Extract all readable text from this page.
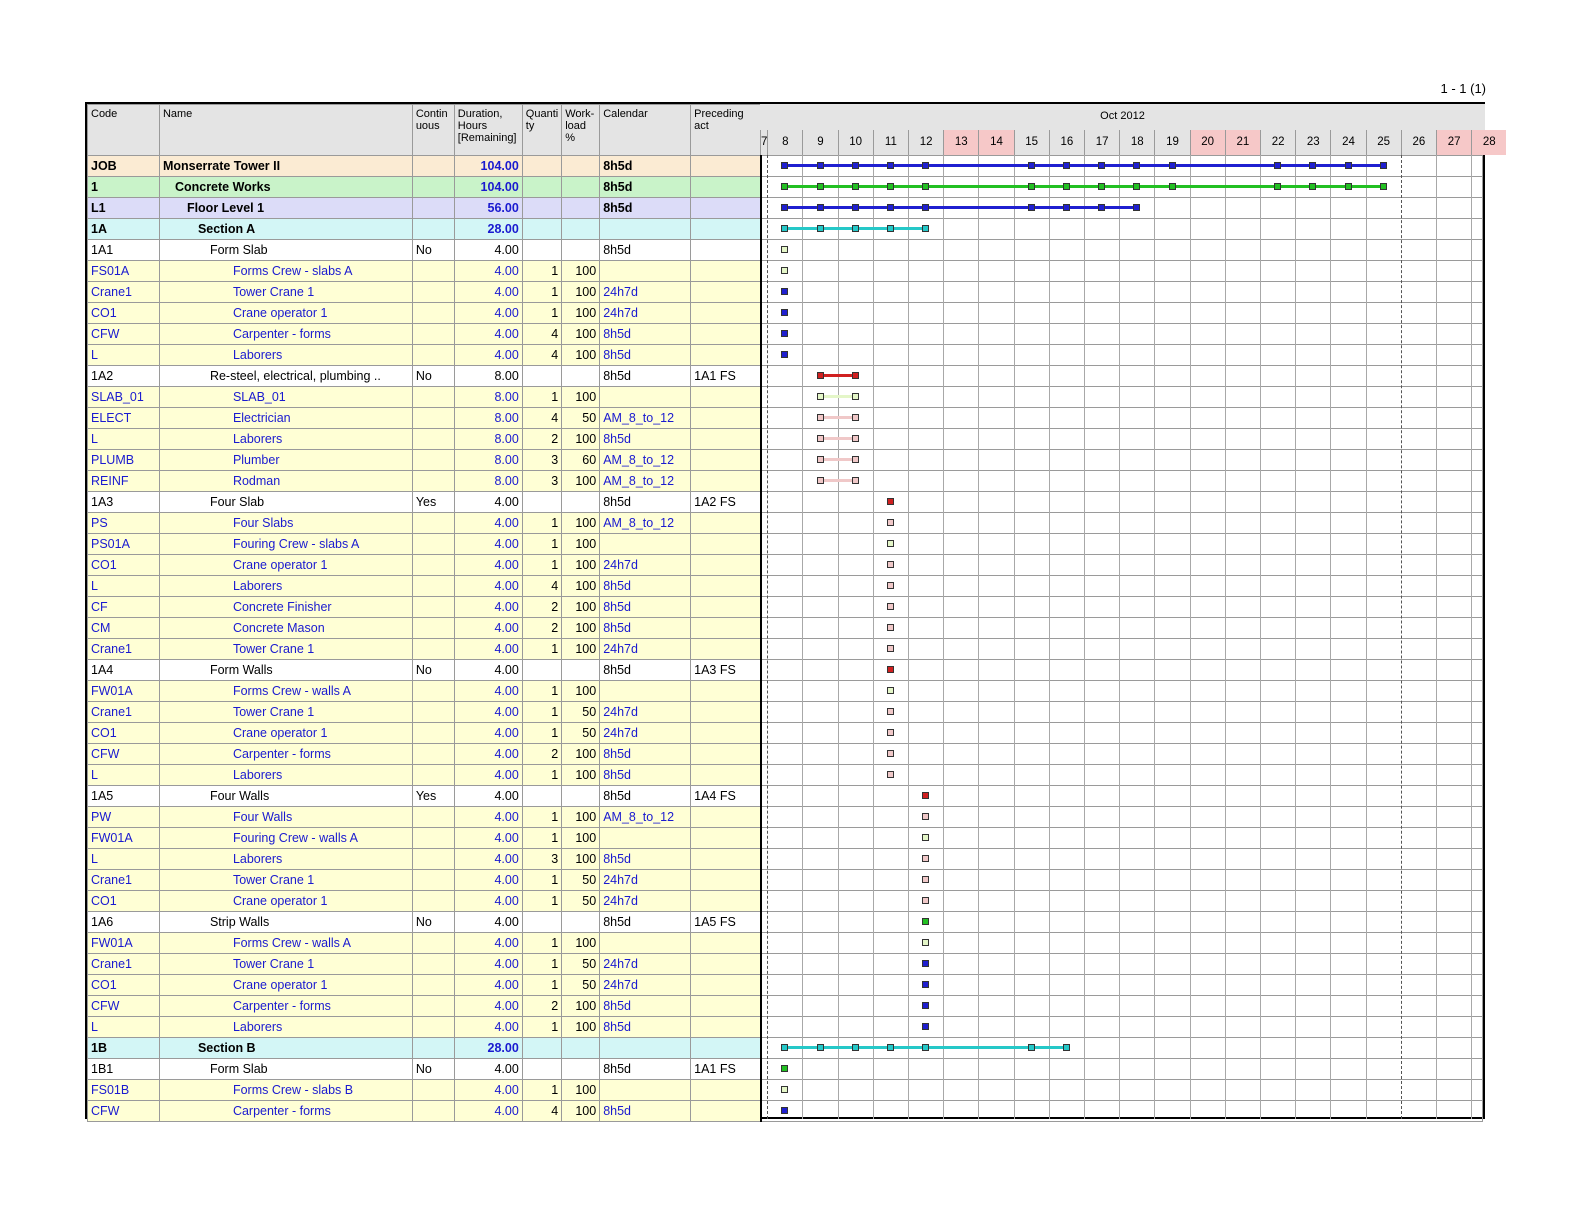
1 - 1 (1)
Code	Name	Contin uous	Duration, Hours [Remaining]	Quanti ty	Work- load %	Calendar	Preceding act	
JOB	Monserrate Tower II		104.00			8h5d		
1	Concrete Works		104.00			8h5d		
L1	Floor Level 1		56.00			8h5d		
1A	Section A		28.00					
1A1	Form Slab	No	4.00			8h5d		
FS01A	Forms Crew - slabs A		4.00	1	100			
Crane1	Tower Crane 1		4.00	1	100	24h7d		
CO1	Crane operator 1		4.00	1	100	24h7d		
CFW	Carpenter - forms		4.00	4	100	8h5d		
L	Laborers		4.00	4	100	8h5d		
1A2	Re-steel, electrical, plumbing ..	No	8.00			8h5d	1A1 FS	
SLAB_01	SLAB_01		8.00	1	100			
ELECT	Electrician		8.00	4	50	AM_8_to_12		
L	Laborers		8.00	2	100	8h5d		
PLUMB	Plumber		8.00	3	60	AM_8_to_12		
REINF	Rodman		8.00	3	100	AM_8_to_12		
1A3	Four Slab	Yes	4.00			8h5d	1A2 FS	
PS	Four Slabs		4.00	1	100	AM_8_to_12		
PS01A	Fouring Crew - slabs A		4.00	1	100			
CO1	Crane operator 1		4.00	1	100	24h7d		
L	Laborers		4.00	4	100	8h5d		
CF	Concrete Finisher		4.00	2	100	8h5d		
CM	Concrete Mason		4.00	2	100	8h5d		
Crane1	Tower Crane 1		4.00	1	100	24h7d		
1A4	Form Walls	No	4.00			8h5d	1A3 FS	
FW01A	Forms Crew - walls A		4.00	1	100			
Crane1	Tower Crane 1		4.00	1	50	24h7d		
CO1	Crane operator 1		4.00	1	50	24h7d		
CFW	Carpenter - forms		4.00	2	100	8h5d		
L	Laborers		4.00	1	100	8h5d		
1A5	Four Walls	Yes	4.00			8h5d	1A4 FS	
PW	Four Walls		4.00	1	100	AM_8_to_12		
FW01A	Fouring Crew - walls A		4.00	1	100			
L	Laborers		4.00	3	100	8h5d		
Crane1	Tower Crane 1		4.00	1	50	24h7d		
CO1	Crane operator 1		4.00	1	50	24h7d		
1A6	Strip Walls	No	4.00			8h5d	1A5 FS	
FW01A	Forms Crew - walls A		4.00	1	100			
Crane1	Tower Crane 1		4.00	1	50	24h7d		
CO1	Crane operator 1		4.00	1	50	24h7d		
CFW	Carpenter - forms		4.00	2	100	8h5d		
L	Laborers		4.00	1	100	8h5d		
1B	Section B		28.00					
1B1	Form Slab	No	4.00			8h5d	1A1 FS	
FS01B	Forms Crew - slabs B		4.00	1	100			
CFW	Carpenter - forms		4.00	4	100	8h5d		
Oct 2012
7	8	9	10	11	12	13	14	15	16	17	18	19	20	21	22	23	24	25	26	27	28
